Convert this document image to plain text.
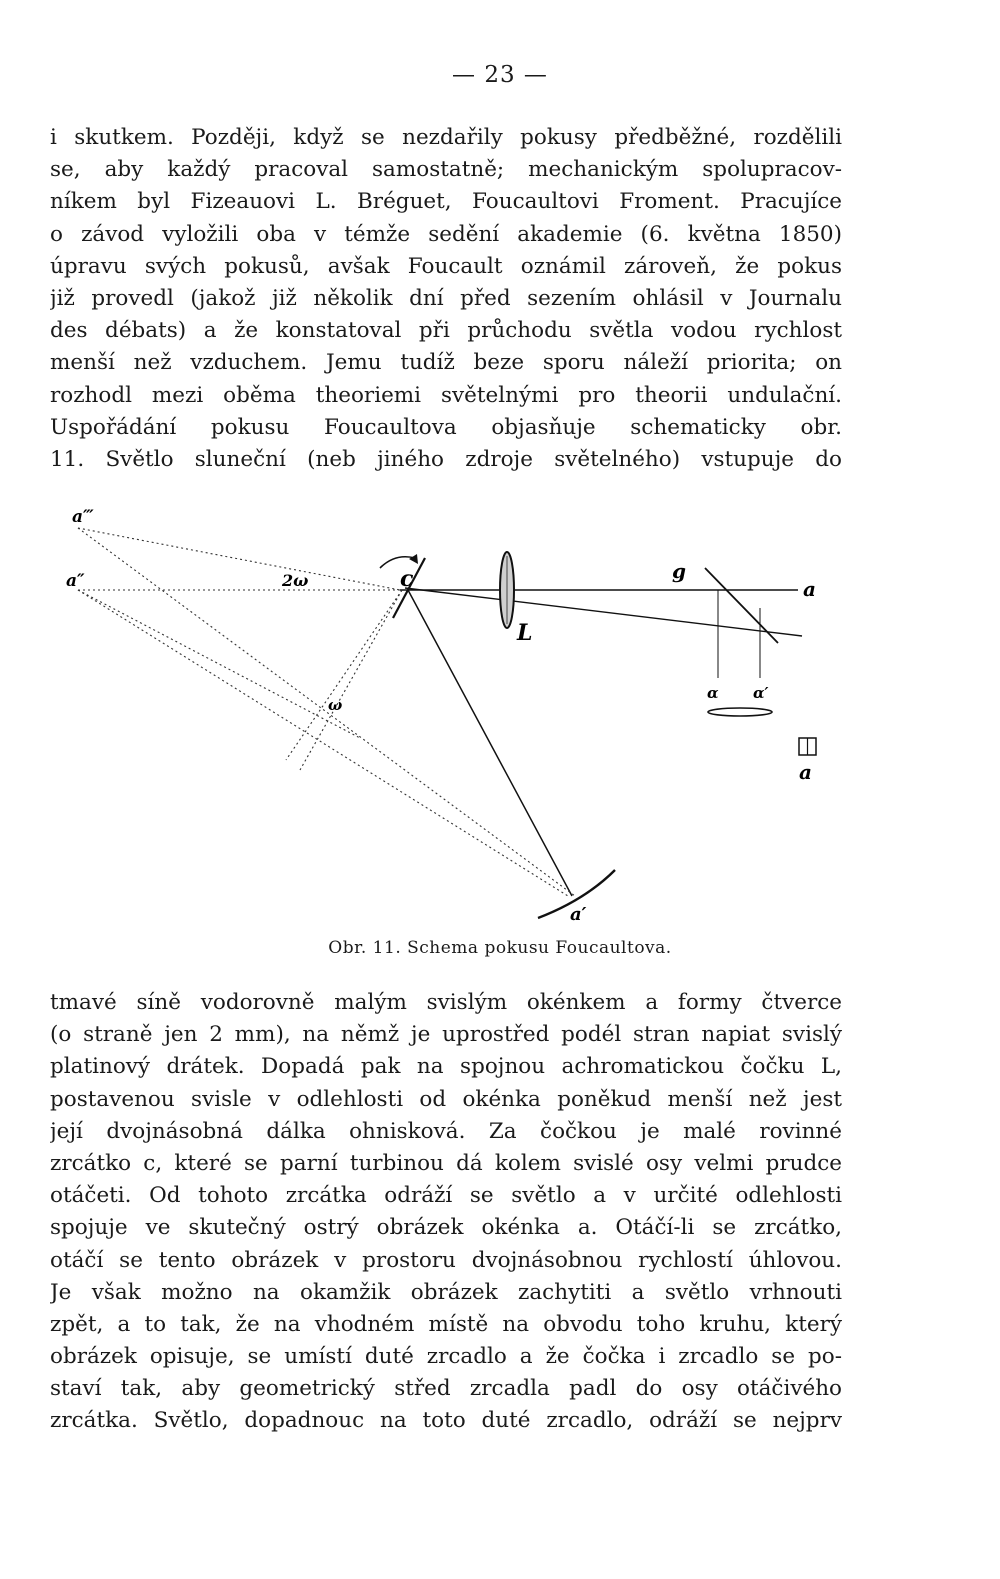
— 23 —
i skutkem. Později, když se nezdařily pokusy předběžné, rozdělili
se, aby každý pracoval samostatně; mechanickým spolupracov-
níkem byl Fizeauovi L. Bréguet, Foucaultovi Froment. Pracujíce
o závod vyložili oba v témže sedění akademie (6. května 1850)
úpravu svých pokusů, avšak Foucault oznámil zároveň, že pokus
již provedl (jakož již několik dní před sezením ohlásil v Journalu
des débats) a že konstatoval při průchodu světla vodou rychlost
menší než vzduchem. Jemu tudíž beze sporu náleží priorita; on
rozhodl mezi oběma theoriemi světelnými pro theorii undulační.
Uspořádání pokusu Foucaultova objasňuje schematicky obr.
11. Světlo sluneční (neb jiného zdroje světelného) vstupuje do
a‴
a″	2ω	c
L
g
a
ω
α α′
a′
a
Obr. 11. Schema pokusu Foucaultova.
tmavé síně vodorovně malým svislým okénkem a formy čtverce
(o straně jen 2 mm), na němž je uprostřed podél stran napiat svislý
platinový drátek. Dopadá pak na spojnou achromatickou čočku L,
postavenou svisle v odlehlosti od okénka poněkud menší než jest
její dvojnásobná dálka ohnisková. Za čočkou je malé rovinné
zrcátko c, které se parní turbinou dá kolem svislé osy velmi prudce
otáčeti. Od tohoto zrcátka odráží se světlo a v určité odlehlosti
spojuje ve skutečný ostrý obrázek okénka a. Otáčí-li se zrcátko,
otáčí se tento obrázek v prostoru dvojnásobnou rychlostí úhlovou.
Je však možno na okamžik obrázek zachytiti a světlo vrhnouti
zpět, a to tak, že na vhodném místě na obvodu toho kruhu, který
obrázek opisuje, se umístí duté zrcadlo a že čočka i zrcadlo se po-
staví tak, aby geometrický střed zrcadla padl do osy otáčivého
zrcátka. Světlo, dopadnouc na toto duté zrcadlo, odráží se nejprv
